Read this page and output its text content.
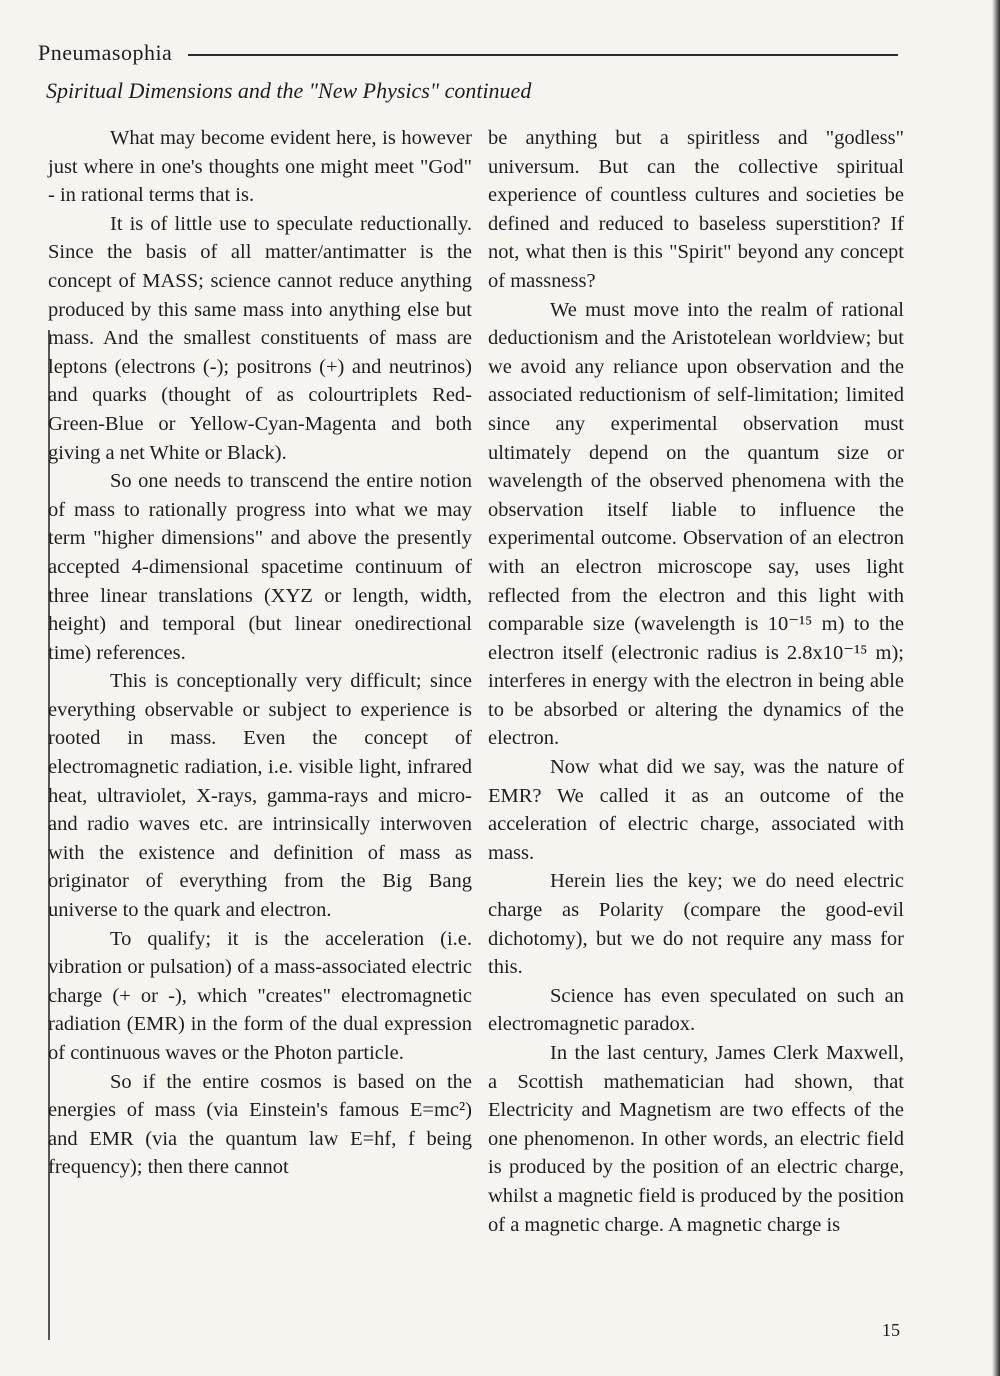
Pneumasophia
Spiritual Dimensions and the "New Physics" continued

What may become evident here, is however just where in one's thoughts one might meet "God" - in rational terms that is.

It is of little use to speculate reductionally. Since the basis of all matter/antimatter is the concept of MASS; science cannot reduce anything produced by this same mass into anything else but mass. And the smallest constituents of mass are leptons (electrons (-); positrons (+) and neutrinos) and quarks (thought of as colourtriplets Red-Green-Blue or Yellow-Cyan-Magenta and both giving a net White or Black).

So one needs to transcend the entire notion of mass to rationally progress into what we may term "higher dimensions" and above the presently accepted 4-dimensional spacetime continuum of three linear translations (XYZ or length, width, height) and temporal (but linear onedirectional time) references.

This is conceptionally very difficult; since everything observable or subject to experience is rooted in mass. Even the concept of electromagnetic radiation, i.e. visible light, infrared heat, ultraviolet, X-rays, gamma-rays and micro- and radio waves etc. are intrinsically interwoven with the existence and definition of mass as originator of everything from the Big Bang universe to the quark and electron.

To qualify; it is the acceleration (i.e. vibration or pulsation) of a mass-associated electric charge (+ or -), which "creates" electromagnetic radiation (EMR) in the form of the dual expression of continuous waves or the Photon particle.

So if the entire cosmos is based on the energies of mass (via Einstein's famous E=mc²) and EMR (via the quantum law E=hf, f being frequency); then there cannot

be anything but a spiritless and "godless" universum. But can the collective spiritual experience of countless cultures and societies be defined and reduced to baseless superstition? If not, what then is this "Spirit" beyond any concept of massness?

We must move into the realm of rational deductionism and the Aristotelean worldview; but we avoid any reliance upon observation and the associated reductionism of self-limitation; limited since any experimental observation must ultimately depend on the quantum size or wavelength of the observed phenomena with the observation itself liable to influence the experimental outcome. Observation of an electron with an electron microscope say, uses light reflected from the electron and this light with comparable size (wavelength is 10⁻¹⁵ m) to the electron itself (electronic radius is 2.8x10⁻¹⁵ m); interferes in energy with the electron in being able to be absorbed or altering the dynamics of the electron.

Now what did we say, was the nature of EMR? We called it as an outcome of the acceleration of electric charge, associated with mass.

Herein lies the key; we do need electric charge as Polarity (compare the good-evil dichotomy), but we do not require any mass for this.

Science has even speculated on such an electromagnetic paradox.

In the last century, James Clerk Maxwell, a Scottish mathematician had shown, that Electricity and Magnetism are two effects of the one phenomenon. In other words, an electric field is produced by the position of an electric charge, whilst a magnetic field is produced by the position of a magnetic charge. A magnetic charge is

15
